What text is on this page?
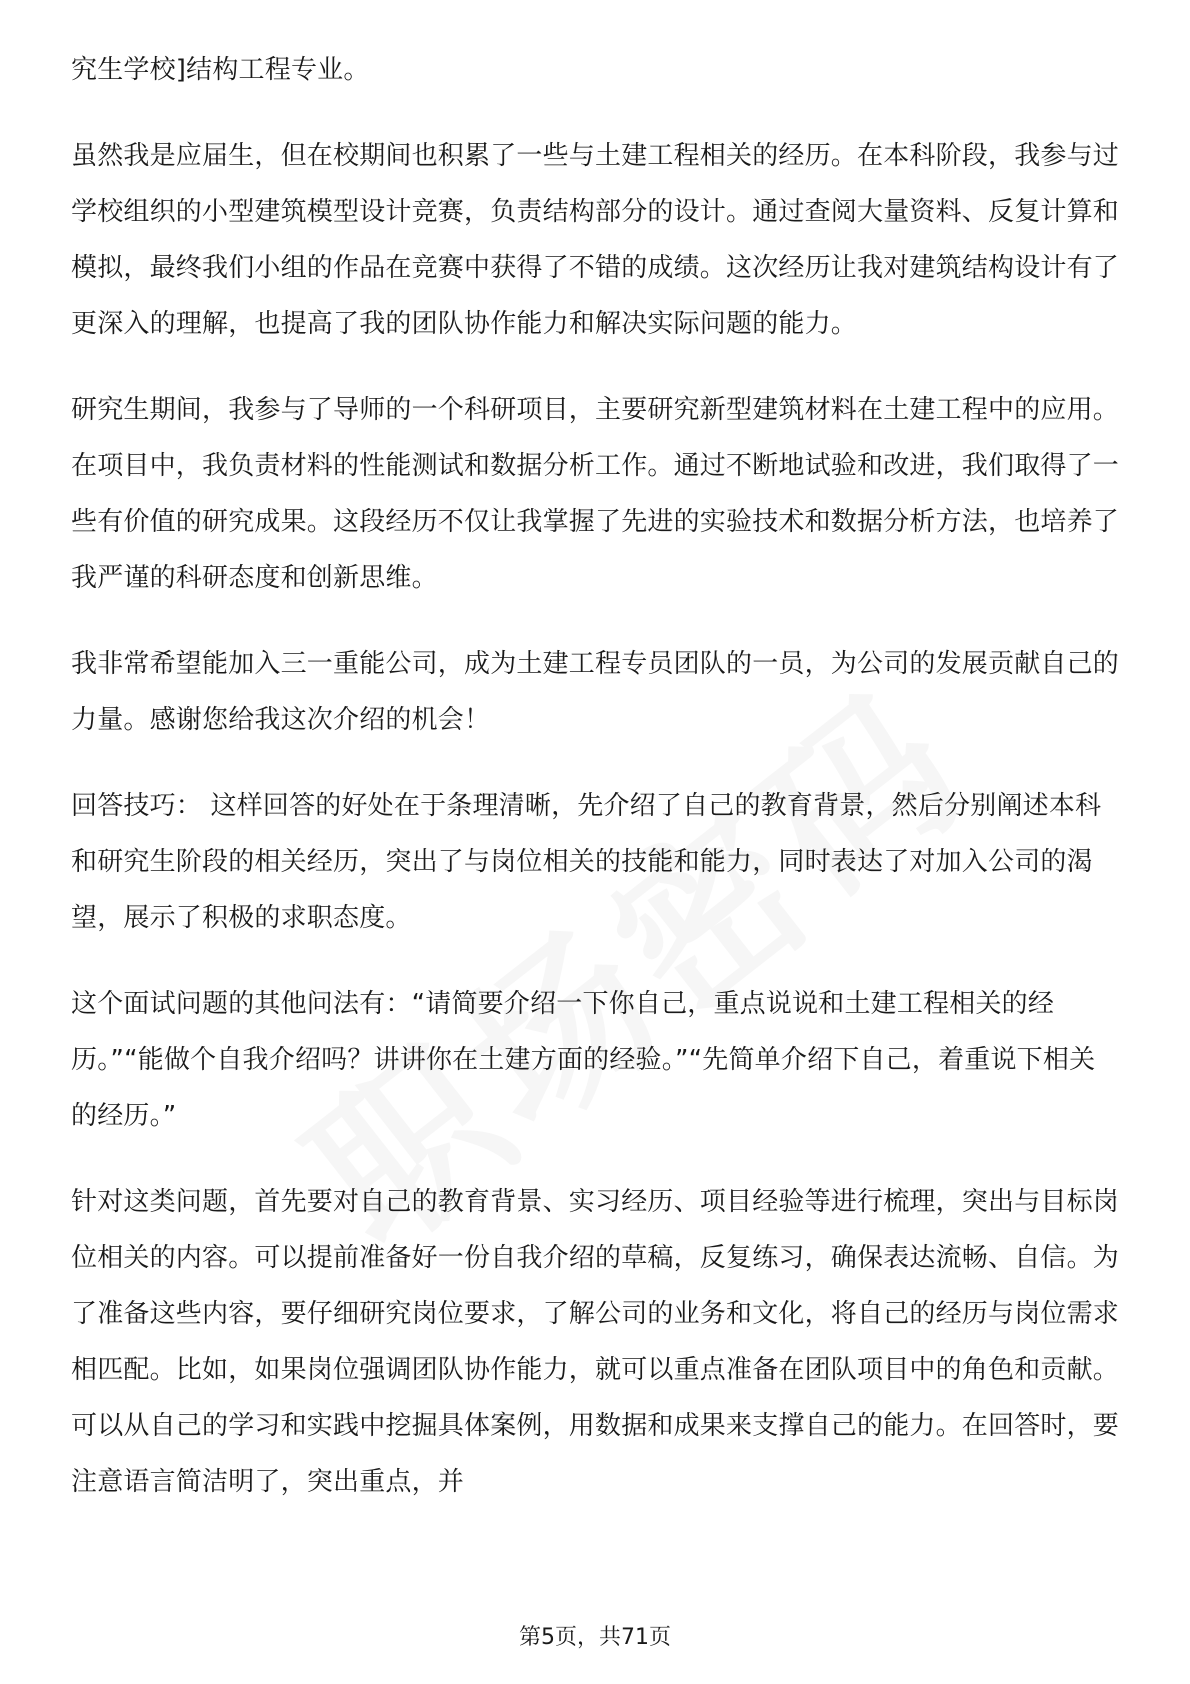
究生学校]结构工程专业。

虽然我是应届生，但在校期间也积累了一些与土建工程相关的经历。在本科阶段，我参与过学校组织的小型建筑模型设计竞赛，负责结构部分的设计。通过查阅大量资料、反复计算和模拟，最终我们小组的作品在竞赛中获得了不错的成绩。这次经历让我对建筑结构设计有了更深入的理解，也提高了我的团队协作能力和解决实际问题的能力。

研究生期间，我参与了导师的一个科研项目，主要研究新型建筑材料在土建工程中的应用。在项目中，我负责材料的性能测试和数据分析工作。通过不断地试验和改进，我们取得了一些有价值的研究成果。这段经历不仅让我掌握了先进的实验技术和数据分析方法，也培养了我严谨的科研态度和创新思维。

我非常希望能加入三一重能公司，成为土建工程专员团队的一员，为公司的发展贡献自己的力量。感谢您给我这次介绍的机会！

回答技巧： 这样回答的好处在于条理清晰，先介绍了自己的教育背景，然后分别阐述本科和研究生阶段的相关经历，突出了与岗位相关的技能和能力，同时表达了对加入公司的渴望，展示了积极的求职态度。

这个面试问题的其他问法有：“请简要介绍一下你自己，重点说说和土建工程相关的经历。”“能做个自我介绍吗？讲讲你在土建方面的经验。”“先简单介绍下自己，着重说下相关的经历。”

针对这类问题，首先要对自己的教育背景、实习经历、项目经验等进行梳理，突出与目标岗位相关的内容。可以提前准备好一份自我介绍的草稿，反复练习，确保表达流畅、自信。为了准备这些内容，要仔细研究岗位要求，了解公司的业务和文化，将自己的经历与岗位需求相匹配。比如，如果岗位强调团队协作能力，就可以重点准备在团队项目中的角色和贡献。可以从自己的学习和实践中挖掘具体案例，用数据和成果来支撑自己的能力。在回答时，要注意语言简洁明了，突出重点，并

第5页，共71页
